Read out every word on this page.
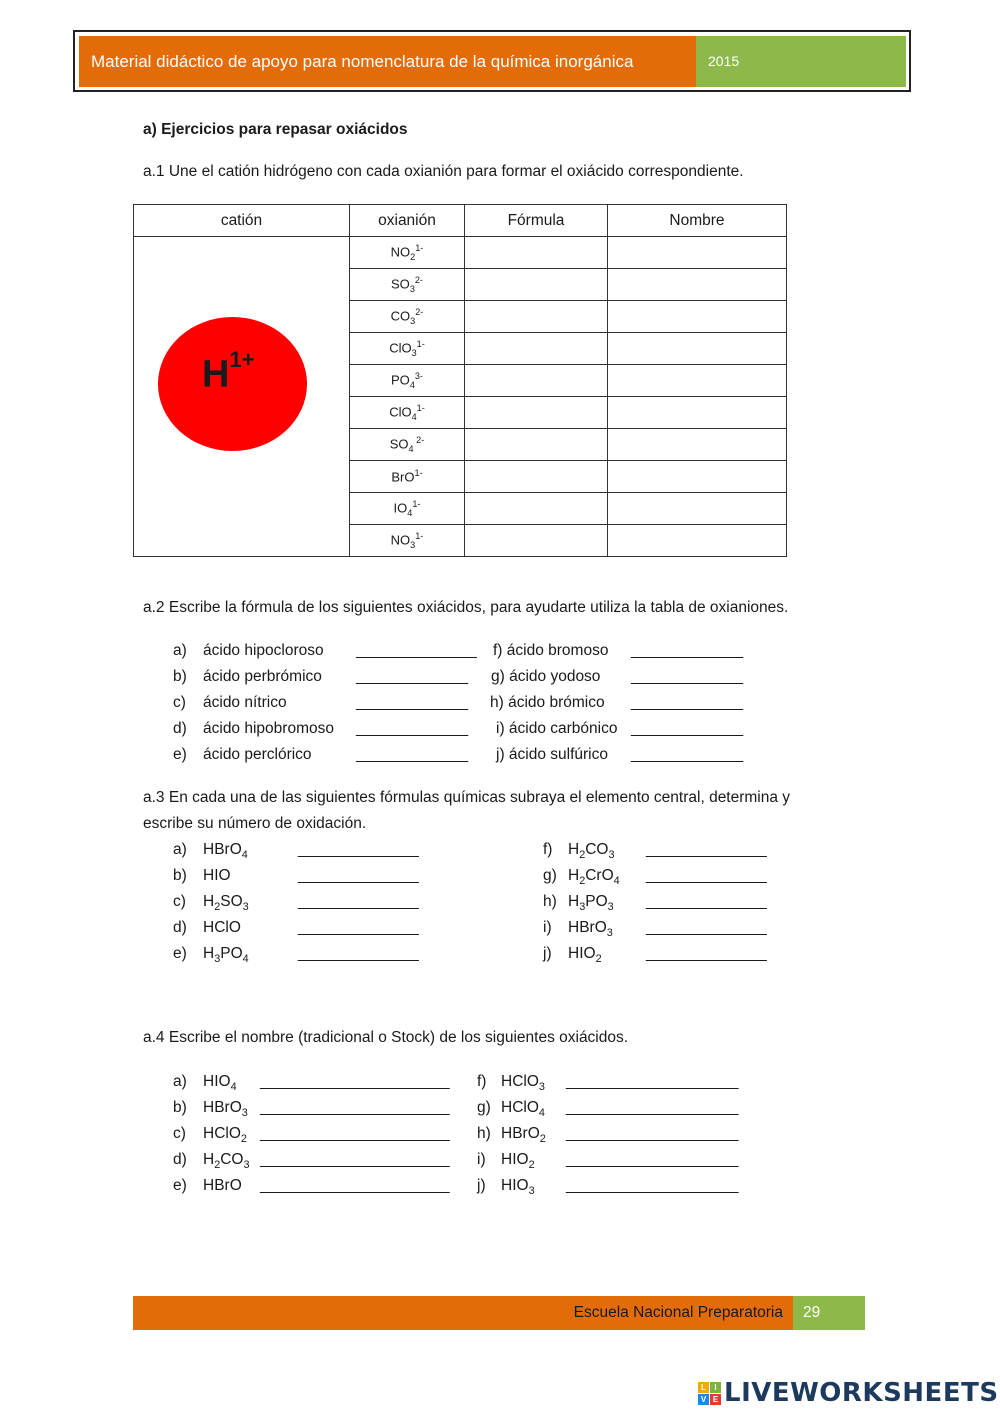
Material didáctico de apoyo para nomenclatura de la química inorgánica	2015
a) Ejercicios para repasar oxiácidos
a.1 Une el catión hidrógeno con cada oxianión para formar el oxiácido correspondiente.
catión	oxianión	Fórmula	Nombre

$H^{1+}$	$NO_2^{1-}$		
	$SO_3^{2-}$		
	$CO_3^{2-}$		
	ClO$_3^{1-}$		
	$PO_4^{3-}$		
	ClO$_4^{1-}$		
	$SO_4$ $^{2-}$		
	BrO$^{1-}$		
	$IO_4^{1-}$		
	$NO_3^{1-}$		
a.2 Escribe la fórmula de los siguientes oxiácidos, para ayudarte utiliza la tabla de oxianiones.
a) ácido hipocloroso ______________
b) ácido perbrómico _____________
c) ácido nítrico	_____________
d) ácido hipobromoso _____________
e) ácido perclórico	_____________
f) ácido bromoso _____________
g) ácido yodoso _____________
h) ácido brómico _____________
i) ácido carbónico _____________
j) ácido sulfúrico _____________
a.3 En cada una de las siguientes fórmulas químicas subraya el elemento central, determina y
escribe su número de oxidación.
a) HBrO$_4$	______________
b) HIO	______________
c) $H_2SO_3$	______________
d) HClO	______________
e) $H_3PO_4$	______________
f) $H_2CO_3$ ______________
g) $H_2CrO_4$ ______________
h) $H_3PO_3$ ______________
i) HBrO$_3$ ______________
j) $HIO_2$	______________
a.4 Escribe el nombre (tradicional o Stock) de los siguientes oxiácidos.
a) $HIO_4$ ______________________
b) HBrO$_3$ ______________________
c) HClO$_2$ ______________________
d) $H_2CO_3$ ______________________
e) HBrO ______________________
f) HClO$_3$ ____________________
g) HClO$_4$ ____________________
h) HBrO$_2$ ____________________
i) $HIO_2$ ____________________
j) $HIO_3$ ____________________
Escuela Nacional Preparatoria	29
L	I
V E LIVEWORKSHEETS
